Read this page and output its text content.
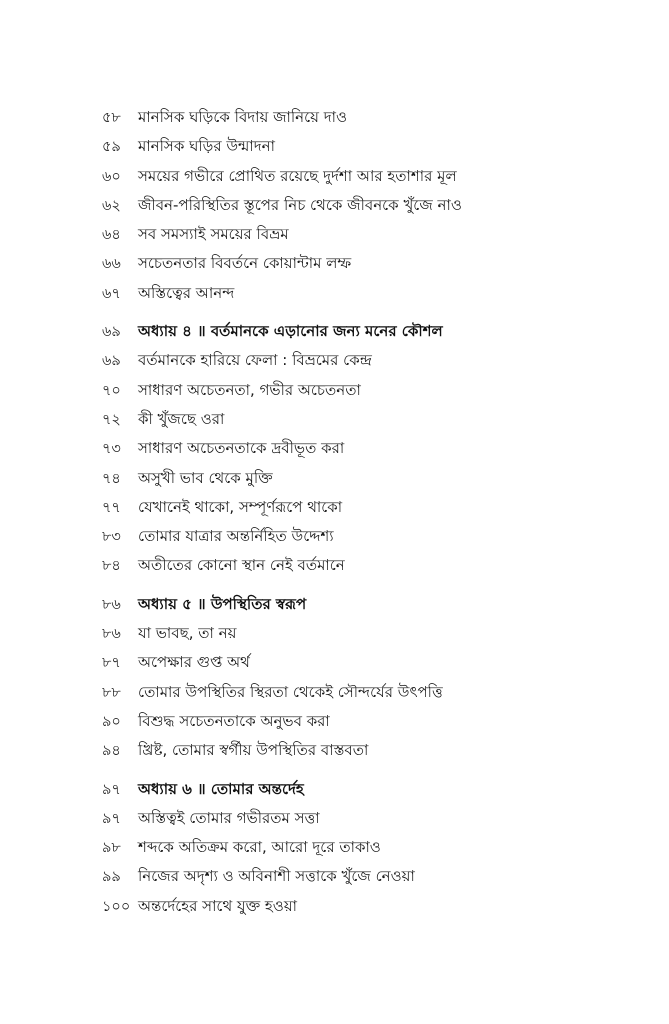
৫৮	মানসিক ঘড়িকে বিদায় জানিয়ে দাও
৫৯	মানসিক ঘড়ির উন্মাদনা
৬০	সময়ের গভীরে প্রোথিত রয়েছে দুর্দশা আর হতাশার মূল
৬২	জীবন-পরিস্থিতির স্তূপের নিচ থেকে জীবনকে খুঁজে নাও
৬৪	সব সমস্যাই সময়ের বিভ্রম
৬৬	সচেতনতার বিবর্তনে কোয়ান্টাম লম্ফ
৬৭	অস্তিত্বের আনন্দ
৬৯	অধ্যায় ৪ ॥ বর্তমানকে এড়ানোর জন্য মনের কৌশল
৬৯	বর্তমানকে হারিয়ে ফেলা : বিভ্রমের কেন্দ্র
৭০	সাধারণ অচেতনতা, গভীর অচেতনতা
৭২	কী খুঁজছে ওরা
৭৩	সাধারণ অচেতনতাকে দ্রবীভূত করা
৭৪	অসুখী ভাব থেকে মুক্তি
৭৭	যেখানেই থাকো, সম্পূর্ণরূপে থাকো
৮৩	তোমার যাত্রার অন্তর্নিহিত উদ্দেশ্য
৮৪	অতীতের কোনো স্থান নেই বর্তমানে
৮৬	অধ্যায় ৫ ॥ উপস্থিতির স্বরূপ
৮৬	যা ভাবছ, তা নয়
৮৭	অপেক্ষার গুপ্ত অর্থ
৮৮	তোমার উপস্থিতির স্থিরতা থেকেই সৌন্দর্যের উৎপত্তি
৯০	বিশুদ্ধ সচেতনতাকে অনুভব করা
৯৪	খ্রিষ্ট, তোমার স্বর্গীয় উপস্থিতির বাস্তবতা
৯৭	অধ্যায় ৬ ॥ তোমার অন্তর্দেহ
৯৭	অস্তিত্বই তোমার গভীরতম সত্তা
৯৮	শব্দকে অতিক্রম করো, আরো দূরে তাকাও
৯৯	নিজের অদৃশ্য ও অবিনাশী সত্তাকে খুঁজে নেওয়া
১০০ অন্তর্দেহের সাথে যুক্ত হওয়া
